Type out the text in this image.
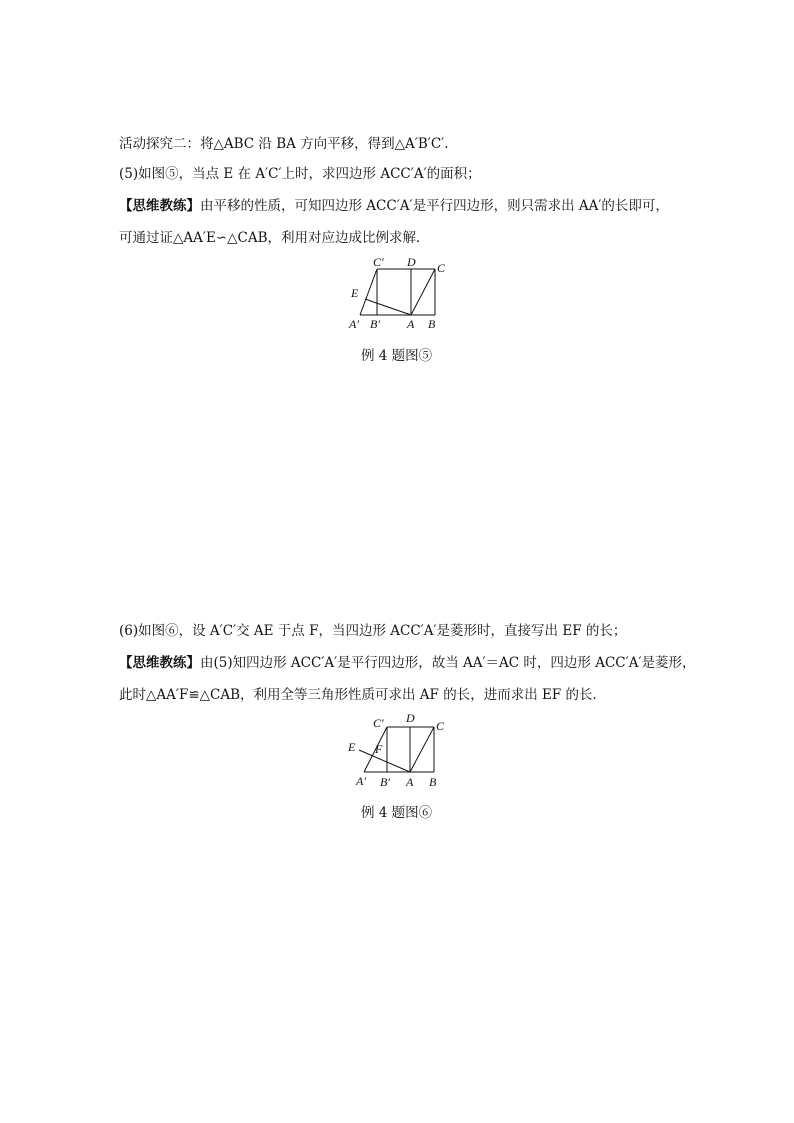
活动探究二：将△ABC 沿 BA 方向平移，得到△A′B′C′.
(5)如图⑤，当点 E 在 A′C′上时，求四边形 ACC′A′的面积；
【思维教练】由平移的性质，可知四边形 ACC′A′是平行四边形，则只需求出 AA′的长即可，
可通过证△AA′E∽△CAB，利用对应边成比例求解．
C′ D C
E
A′ B′ A B
例 4 题图⑤
(6)如图⑥，设 A′C′交 AE 于点 F，当四边形 ACC′A′是菱形时，直接写出 EF 的长；
【思维教练】由(5)知四边形 ACC′A′是平行四边形，故当 AA′＝AC 时，四边形 ACC′A′是菱形，
此时△AA′F≌△CAB，利用全等三角形性质可求出 AF 的长，进而求出 EF 的长．
C′ D
C
E F
A′ B′ A B
例 4 题图⑥
